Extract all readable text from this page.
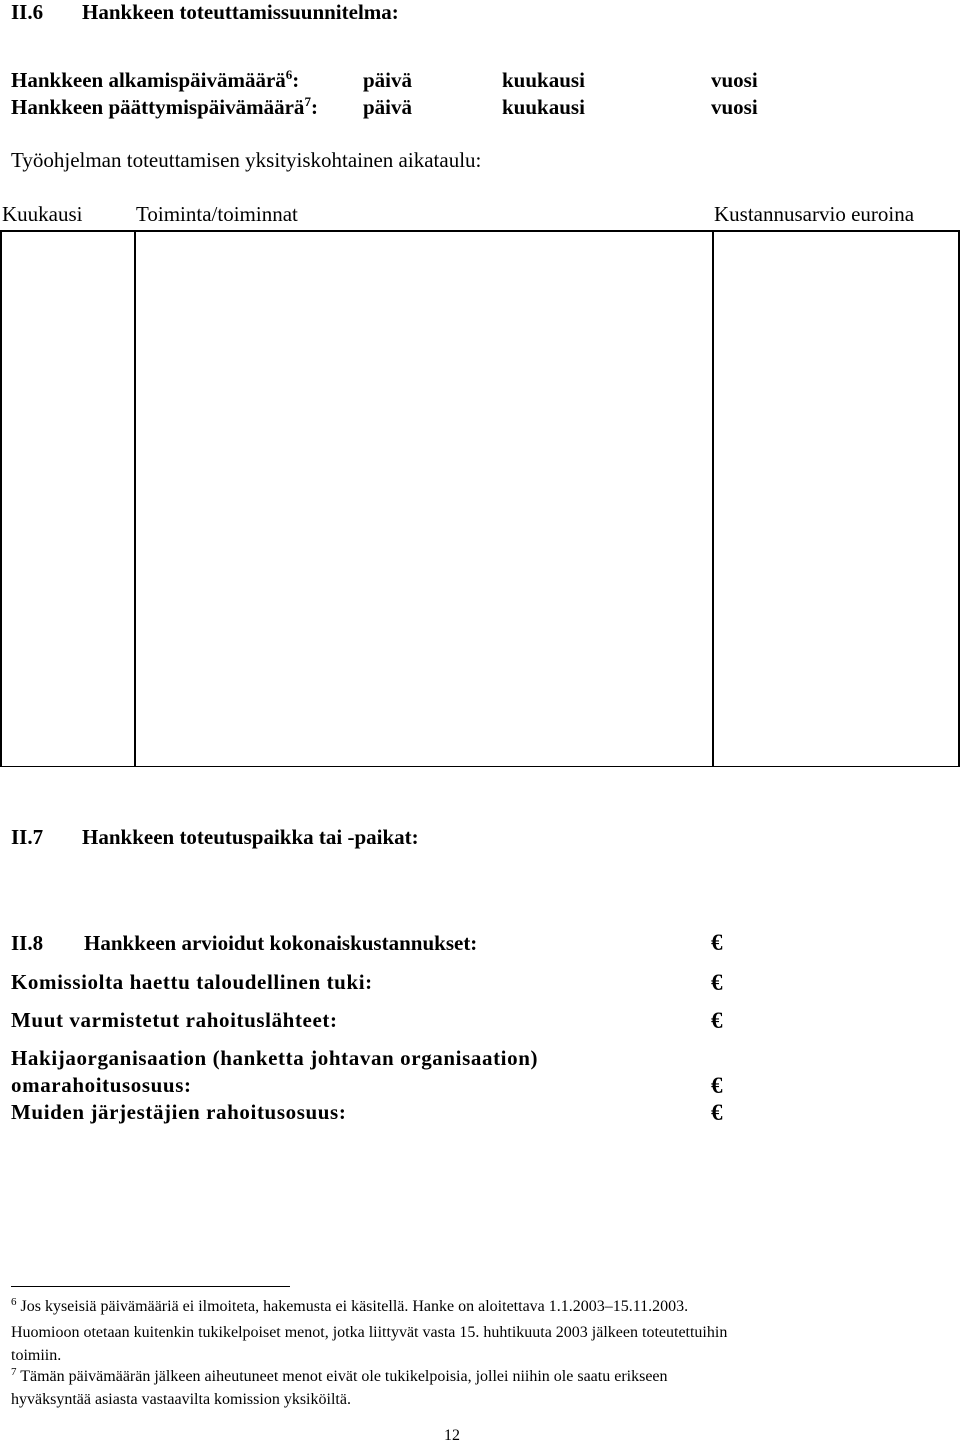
II.6 Hankkeen toteuttamissuunnitelma:
Hankkeen alkamispäivämäärä$^6$:	päivä	kuukausi	vuosi
Hankkeen päättymispäivämäärä$^7$: päivä	kuukausi	vuosi
Työohjelman toteuttamisen yksityiskohtainen aikataulu:
Kuukausi	Toiminta/toiminnat	Kustannusarvio euroina
II.7 Hankkeen toteutuspaikka tai -paikat:
II.8 Hankkeen arvioidut kokonaiskustannukset:	€
Komissiolta haettu taloudellinen tuki:	€
Muut varmistetut rahoituslähteet:	€
Hakijaorganisaation (hanketta johtavan organisaation)
omarahoitusosuus:	€
Muiden järjestäjien rahoitusosuus:	€
$^6$ Jos kyseisiä päivämääriä ei ilmoiteta, hakemusta ei käsitellä. Hanke on aloitettava 1.1.2003–15.11.2003.
Huomioon otetaan kuitenkin tukikelpoiset menot, jotka liittyvät vasta 15. huhtikuuta 2003 jälkeen toteutettuihin
toimiin.
$^7$ Tämän päivämäärän jälkeen aiheutuneet menot eivät ole tukikelpoisia, jollei niihin ole saatu erikseen
hyväksyntää asiasta vastaavilta komission yksiköiltä.
12
